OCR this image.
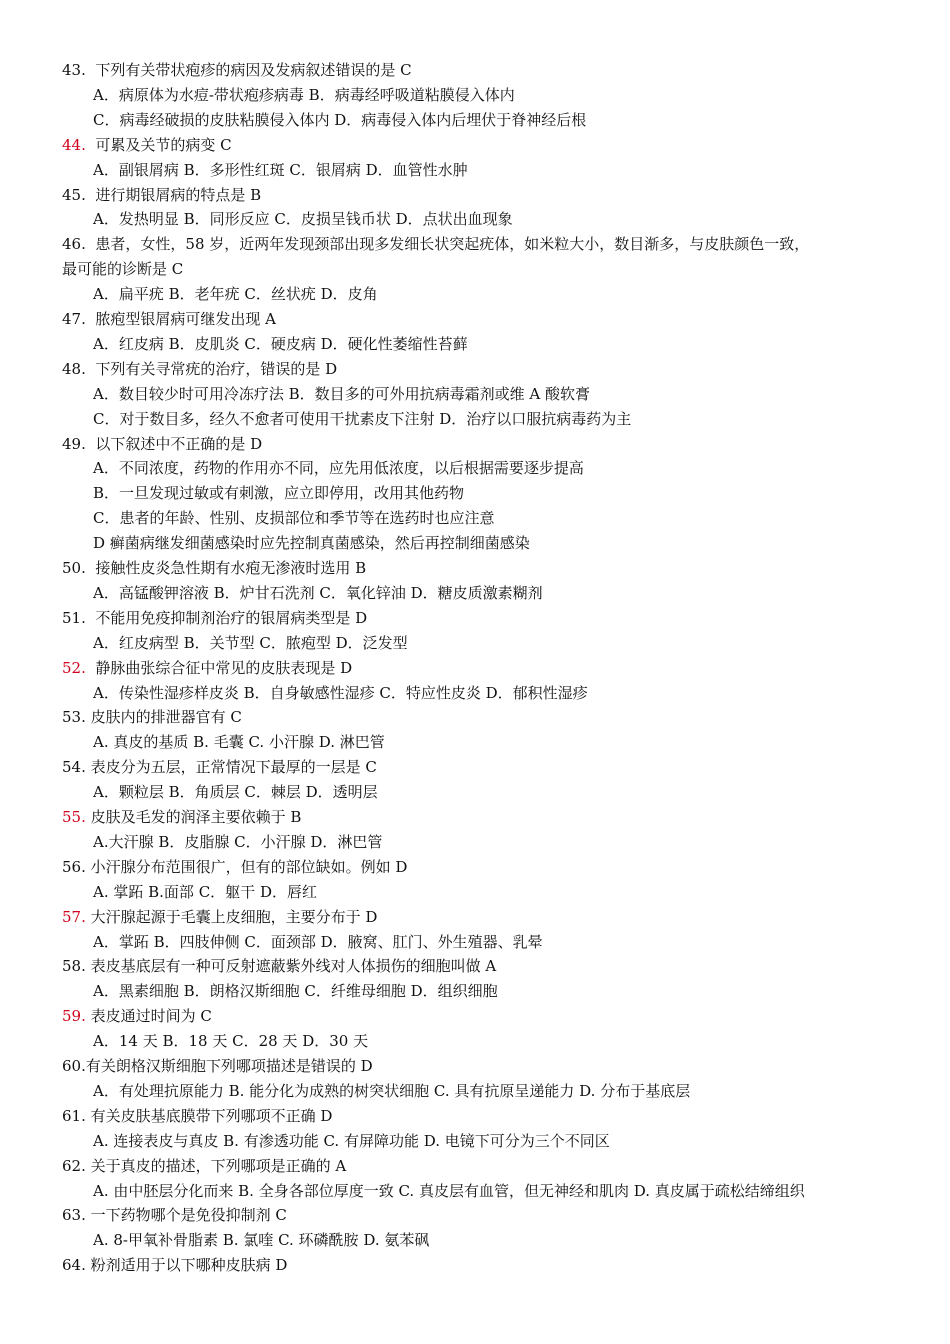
43.  下列有关带状疱疹的病因及发病叙述错误的是 C
A．病原体为水痘-带状疱疹病毒 B．病毒经呼吸道粘膜侵入体内
C．病毒经破损的皮肤粘膜侵入体内 D．病毒侵入体内后埋伏于脊神经后根
44.  可累及关节的病变 C
A．副银屑病 B．多形性红斑 C．银屑病 D．血管性水肿
45.  进行期银屑病的特点是 B
A．发热明显 B．同形反应 C．皮损呈钱币状 D．点状出血现象
46.  患者，女性，58 岁，近两年发现颈部出现多发细长状突起疣体，如米粒大小，数目渐多，与皮肤颜色一致，
最可能的诊断是 C
A．扁平疣 B．老年疣 C．丝状疣 D．皮角
47.  脓疱型银屑病可继发出现 A
A．红皮病 B．皮肌炎 C．硬皮病 D．硬化性萎缩性苔藓
48.  下列有关寻常疣的治疗，错误的是 D
A．数目较少时可用冷冻疗法 B．数目多的可外用抗病毒霜剂或维 A 酸软膏
C．对于数目多，经久不愈者可使用干扰素皮下注射 D．治疗以口服抗病毒药为主
49.  以下叙述中不正确的是 D
A．不同浓度，药物的作用亦不同，应先用低浓度，以后根据需要逐步提高
B．一旦发现过敏或有刺激，应立即停用，改用其他药物
C．患者的年龄、性别、皮损部位和季节等在选药时也应注意
D 癣菌病继发细菌感染时应先控制真菌感染，然后再控制细菌感染
50.  接触性皮炎急性期有水疱无渗液时选用 B
A．高锰酸钾溶液 B．炉甘石洗剂 C．氧化锌油 D．糖皮质激素糊剂
51.  不能用免疫抑制剂治疗的银屑病类型是 D
A．红皮病型 B．关节型 C．脓疱型 D．泛发型
52.  静脉曲张综合征中常见的皮肤表现是 D
A．传染性湿疹样皮炎 B．自身敏感性湿疹 C．特应性皮炎 D．郁积性湿疹
53. 皮肤内的排泄器官有 C
A. 真皮的基质 B. 毛囊 C. 小汗腺 D. 淋巴管
54. 表皮分为五层，正常情况下最厚的一层是 C
A．颗粒层 B．角质层 C．棘层 D．透明层
55. 皮肤及毛发的润泽主要依赖于 B
A.大汗腺 B．皮脂腺 C．小汗腺 D．淋巴管
56. 小汗腺分布范围很广，但有的部位缺如。例如 D
A. 掌跖 B.面部 C．躯干 D．唇红
57. 大汗腺起源于毛囊上皮细胞，主要分布于 D
A．掌跖 B．四肢伸侧 C．面颈部 D．腋窝、肛门、外生殖器、乳晕
58. 表皮基底层有一种可反射遮蔽紫外线对人体损伤的细胞叫做 A
A．黑素细胞 B．朗格汉斯细胞 C．纤维母细胞 D．组织细胞
59. 表皮通过时间为 C
A．14 天 B．18 天 C．28 天 D．30 天
60.有关朗格汉斯细胞下列哪项描述是错误的 D
A．有处理抗原能力 B. 能分化为成熟的树突状细胞 C. 具有抗原呈递能力 D. 分布于基底层
61. 有关皮肤基底膜带下列哪项不正确 D
A. 连接表皮与真皮 B. 有渗透功能 C. 有屏障功能 D. 电镜下可分为三个不同区
62. 关于真皮的描述，下列哪项是正确的 A
A. 由中胚层分化而来 B. 全身各部位厚度一致 C. 真皮层有血管，但无神经和肌肉 D. 真皮属于疏松结缔组织
63. 一下药物哪个是免役抑制剂 C
A. 8-甲氧补骨脂素 B. 氯喹 C. 环磷酰胺 D. 氨苯砜
64. 粉剂适用于以下哪种皮肤病 D
